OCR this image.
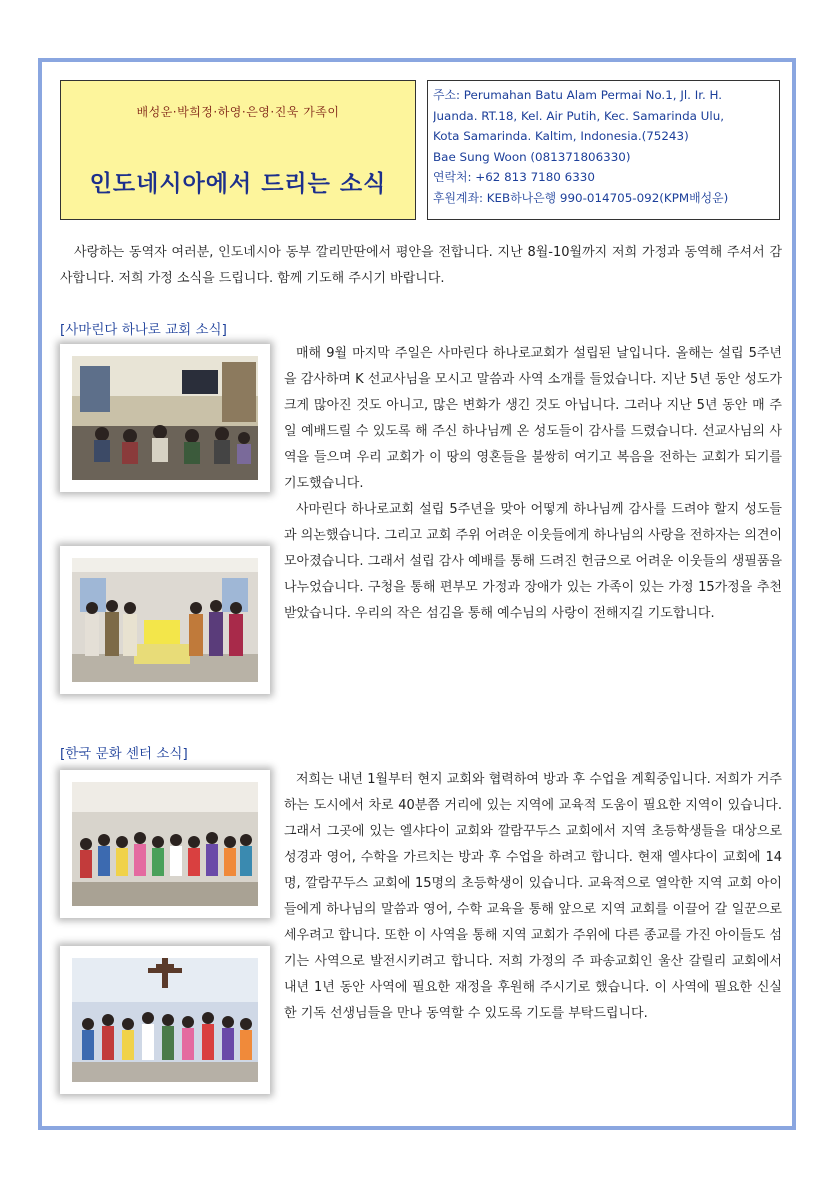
배성운·박희정·하영·은영·진욱 가족이
인도네시아에서 드리는 소식
주소: Perumahan Batu Alam Permai No.1, Jl. Ir. H.
Juanda. RT.18, Kel. Air Putih, Kec. Samarinda Ulu,
Kota Samarinda. Kaltim, Indonesia.(75243)
Bae Sung Woon (081371806330)
연락처: +62 813 7180 6330
후원계좌: KEB하나은행 990-014705-092(KPM배성운)

사랑하는 동역자 여러분, 인도네시아 동부 깔리만딴에서 평안을 전합니다. 지난 8월-10월까지 저희 가정과 동역해 주셔서 감사합니다. 저희 가정 소식을 드립니다. 함께 기도해 주시기 바랍니다.

[사마린다 하나로 교회 소식]

매해 9월 마지막 주일은 사마린다 하나로교회가 설립된 날입니다. 올해는 설립 5주년을 감사하며 K 선교사님을 모시고 말씀과 사역 소개를 들었습니다. 지난 5년 동안 성도가 크게 많아진 것도 아니고, 많은 변화가 생긴 것도 아닙니다. 그러나 지난 5년 동안 매 주일 예배드릴 수 있도록 해 주신 하나님께 온 성도들이 감사를 드렸습니다. 선교사님의 사역을 들으며 우리 교회가 이 땅의 영혼들을 불쌍히 여기고 복음을 전하는 교회가 되기를 기도했습니다.

사마린다 하나로교회 설립 5주년을 맞아 어떻게 하나님께 감사를 드려야 할지 성도들과 의논했습니다. 그리고 교회 주위 어려운 이웃들에게 하나님의 사랑을 전하자는 의견이 모아졌습니다. 그래서 설립 감사 예배를 통해 드려진 헌금으로 어려운 이웃들의 생필품을 나누었습니다. 구청을 통해 편부모 가정과 장애가 있는 가족이 있는 가정 15가정을 추천받았습니다. 우리의 작은 섬김을 통해 예수님의 사랑이 전해지길 기도합니다.

[한국 문화 센터 소식]

저희는 내년 1월부터 현지 교회와 협력하여 방과 후 수업을 계획중입니다. 저희가 거주하는 도시에서 차로 40분쯤 거리에 있는 지역에 교육적 도움이 필요한 지역이 있습니다. 그래서 그곳에 있는 엘샤다이 교회와 깔람꾸두스 교회에서 지역 초등학생들을 대상으로 성경과 영어, 수학을 가르치는 방과 후 수업을 하려고 합니다. 현재 엘샤다이 교회에 14명, 깔람꾸두스 교회에 15명의 초등학생이 있습니다. 교육적으로 열악한 지역 교회 아이들에게 하나님의 말씀과 영어, 수학 교육을 통해 앞으로 지역 교회를 이끌어 갈 일꾼으로 세우려고 합니다. 또한 이 사역을 통해 지역 교회가 주위에 다른 종교를 가진 아이들도 섬기는 사역으로 발전시키려고 합니다. 저희 가정의 주 파송교회인 울산 갈릴리 교회에서 내년 1년 동안 사역에 필요한 재정을 후원해 주시기로 했습니다. 이 사역에 필요한 신실한 기독 선생님들을 만나 동역할 수 있도록 기도를 부탁드립니다.
